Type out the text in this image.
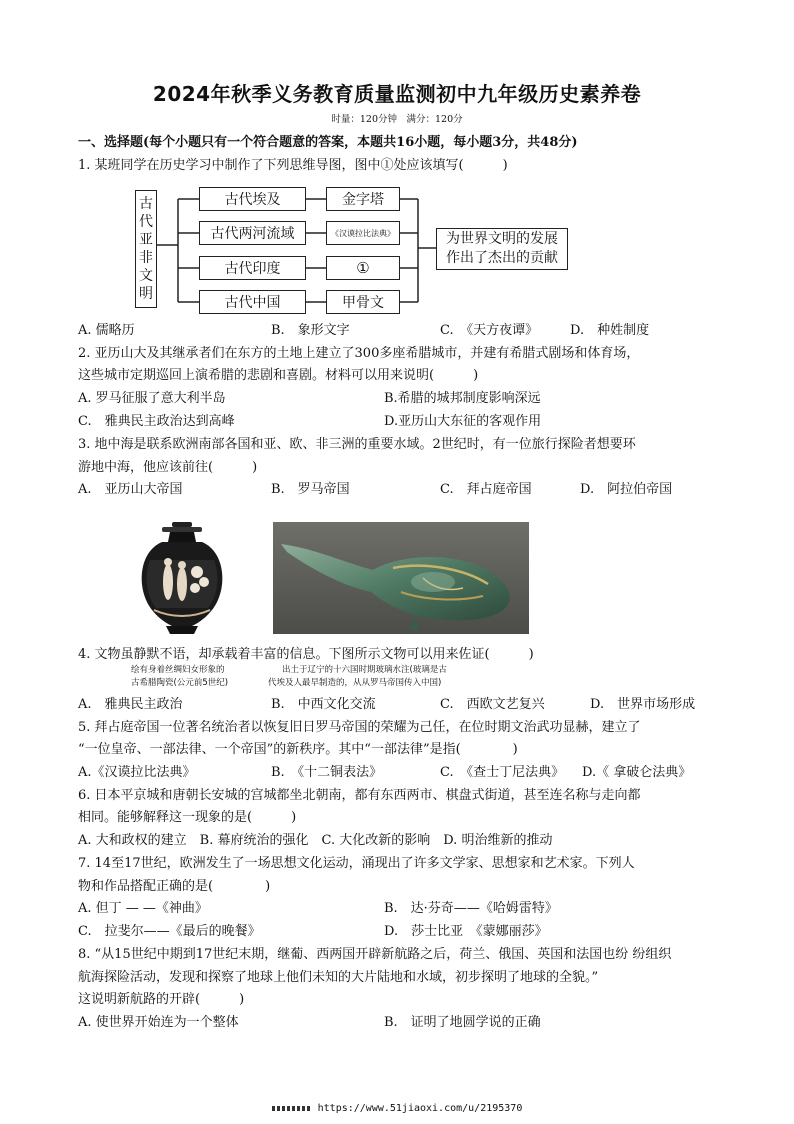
2024年秋季义务教育质量监测初中九年级历史素养卷
时量：120分钟　满分：120分
一、选择题(每个小题只有一个符合题意的答案，本题共16小题，每小题3分，共48分)
1. 某班同学在历史学习中制作了下列思维导图，图中①处应该填写(　　　)
古
代
亚
非
文
明
古代埃及
古代两河流域
古代印度
古代中国
金字塔
《汉谟拉比法典》
①
甲骨文
为世界文明的发展
作出了杰出的贡献
A. 儒略历	B.　象形文字	C.　《天方夜谭》 D.　种姓制度
2. 亚历山大及其继承者们在东方的土地上建立了300多座希腊城市，并建有希腊式剧场和体育场，
这些城市定期巡回上演希腊的悲剧和喜剧。材料可以用来说明(　　　)
A. 罗马征服了意大利半岛	B.希腊的城邦制度影响深远
C.　雅典民主政治达到高峰	D.亚历山大东征的客观作用
3. 地中海是联系欧洲南部各国和亚、欧、非三洲的重要水域。2世纪时，有一位旅行探险者想要环
游地中海，他应该前往(　　　)
A.　亚历山大帝国	B.　罗马帝国	C.　拜占庭帝国	D.　阿拉伯帝国
4. 文物虽静默不语，却承载着丰富的信息。下图所示文物可以用来佐证(　　　)
绘有身着丝绸妇女形象的
古希腊陶瓷(公元前5世纪)
出土于辽宁的十六国时期玻璃水注(玻璃是古
代埃及人最早制造的，从从罗马帝国传入中国)
A.　雅典民主政治	B.　中西文化交流	C.　西欧文艺复兴	D.　世界市场形成
5. 拜占庭帝国一位著名统治者以恢复旧日罗马帝国的荣耀为己任，在位时期文治武功显赫，建立了
“一位皇帝、一部法律、一个帝国”的新秩序。其中“一部法律”是指(　　　　)
A.《汉谟拉比法典》	B.　《十二铜表法》	C.　《查士丁尼法典》 D.《 拿破仑法典》
6. 日本平京城和唐朝长安城的宫城都坐北朝南，都有东西两市、棋盘式街道，甚至连名称与走向都
相同。能够解释这一现象的是(　　　)
A. 大和政权的建立　B. 幕府统治的强化　C. 大化改新的影响　D. 明治维新的推动
7. 14至17世纪，欧洲发生了一场思想文化运动，涌现出了许多文学家、思想家和艺术家。下列人
物和作品搭配正确的是(　　　　)
A. 但丁 — —《神曲》	B.　达·芬奇——《哈姆雷特》
C.　拉斐尔——《最后的晚餐》	D.　莎士比亚　《蒙娜丽莎》
8. “从15世纪中期到17世纪末期，继葡、西两国开辟新航路之后，荷兰、俄国、英国和法国也纷 纷组织
航海探险活动，发现和探察了地球上他们未知的大片陆地和水域，初步探明了地球的全貌。”
这说明新航路的开辟(　　　)
A. 使世界开始连为一个整体	B.　证明了地圆学说的正确
https://www.51jiaoxi.com/u/2195370
